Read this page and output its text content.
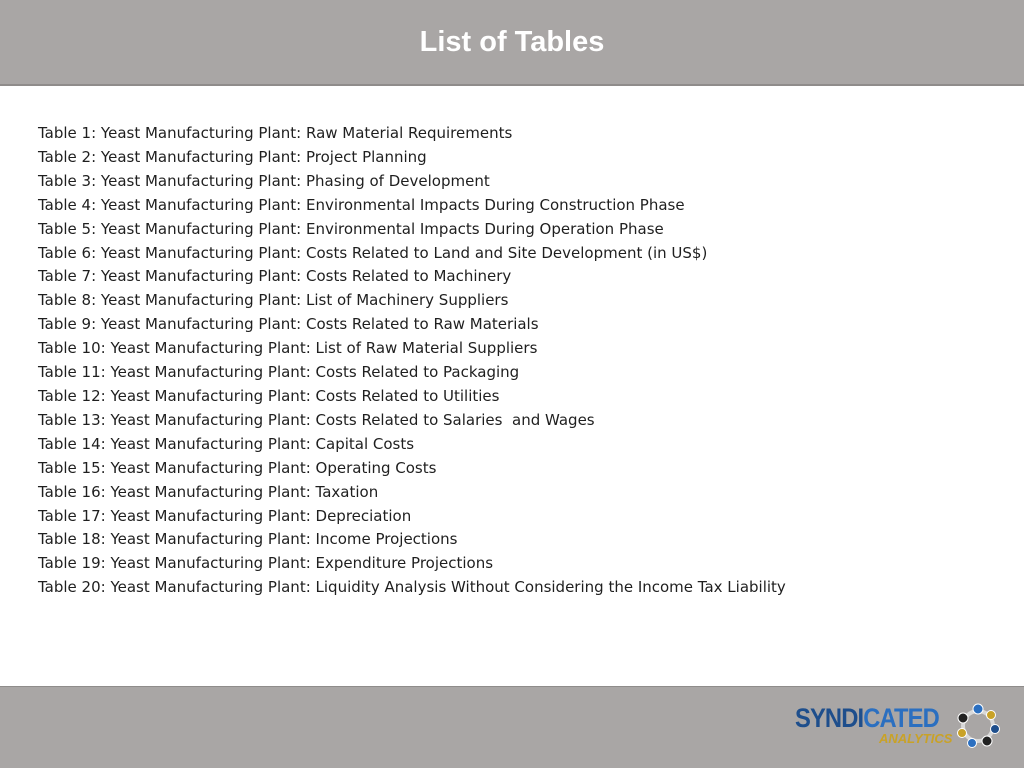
List of Tables
Table 1: Yeast Manufacturing Plant: Raw Material Requirements
Table 2: Yeast Manufacturing Plant: Project Planning
Table 3: Yeast Manufacturing Plant: Phasing of Development
Table 4: Yeast Manufacturing Plant: Environmental Impacts During Construction Phase
Table 5: Yeast Manufacturing Plant: Environmental Impacts During Operation Phase
Table 6: Yeast Manufacturing Plant: Costs Related to Land and Site Development (in US$)
Table 7: Yeast Manufacturing Plant: Costs Related to Machinery
Table 8: Yeast Manufacturing Plant: List of Machinery Suppliers
Table 9: Yeast Manufacturing Plant: Costs Related to Raw Materials
Table 10: Yeast Manufacturing Plant: List of Raw Material Suppliers
Table 11: Yeast Manufacturing Plant: Costs Related to Packaging
Table 12: Yeast Manufacturing Plant: Costs Related to Utilities
Table 13: Yeast Manufacturing Plant: Costs Related to Salaries  and Wages
Table 14: Yeast Manufacturing Plant: Capital Costs
Table 15: Yeast Manufacturing Plant: Operating Costs
Table 16: Yeast Manufacturing Plant: Taxation
Table 17: Yeast Manufacturing Plant: Depreciation
Table 18: Yeast Manufacturing Plant: Income Projections
Table 19: Yeast Manufacturing Plant: Expenditure Projections
Table 20: Yeast Manufacturing Plant: Liquidity Analysis Without Considering the Income Tax Liability
SYNDICATED
ANALYTICS
